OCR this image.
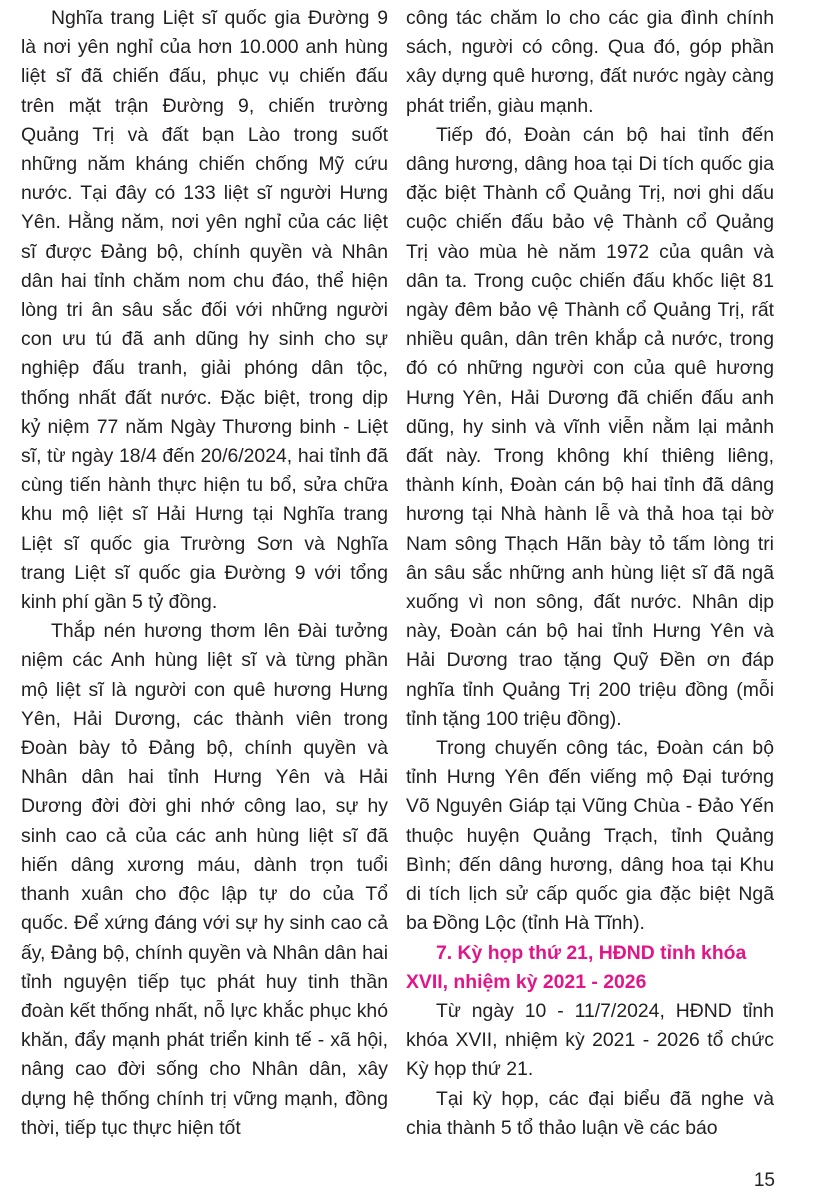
Nghĩa trang Liệt sĩ quốc gia Đường 9 là nơi yên nghỉ của hơn 10.000 anh hùng liệt sĩ đã chiến đấu, phục vụ chiến đấu trên mặt trận Đường 9, chiến trường Quảng Trị và đất bạn Lào trong suốt những năm kháng chiến chống Mỹ cứu nước. Tại đây có 133 liệt sĩ người Hưng Yên. Hằng năm, nơi yên nghỉ của các liệt sĩ được Đảng bộ, chính quyền và Nhân dân hai tỉnh chăm nom chu đáo, thể hiện lòng tri ân sâu sắc đối với những người con ưu tú đã anh dũng hy sinh cho sự nghiệp đấu tranh, giải phóng dân tộc, thống nhất đất nước. Đặc biệt, trong dịp kỷ niệm 77 năm Ngày Thương binh - Liệt sĩ, từ ngày 18/4 đến 20/6/2024, hai tỉnh đã cùng tiến hành thực hiện tu bổ, sửa chữa khu mộ liệt sĩ Hải Hưng tại Nghĩa trang Liệt sĩ quốc gia Trường Sơn và Nghĩa trang Liệt sĩ quốc gia Đường 9 với tổng kinh phí gần 5 tỷ đồng.

Thắp nén hương thơm lên Đài tưởng niệm các Anh hùng liệt sĩ và từng phần mộ liệt sĩ là người con quê hương Hưng Yên, Hải Dương, các thành viên trong Đoàn bày tỏ Đảng bộ, chính quyền và Nhân dân hai tỉnh Hưng Yên và Hải Dương đời đời ghi nhớ công lao, sự hy sinh cao cả của các anh hùng liệt sĩ đã hiến dâng xương máu, dành trọn tuổi thanh xuân cho độc lập tự do của Tổ quốc. Để xứng đáng với sự hy sinh cao cả ấy, Đảng bộ, chính quyền và Nhân dân hai tỉnh nguyện tiếp tục phát huy tinh thần đoàn kết thống nhất, nỗ lực khắc phục khó khăn, đẩy mạnh phát triển kinh tế - xã hội, nâng cao đời sống cho Nhân dân, xây dựng hệ thống chính trị vững mạnh, đồng thời, tiếp tục thực hiện tốt

công tác chăm lo cho các gia đình chính sách, người có công. Qua đó, góp phần xây dựng quê hương, đất nước ngày càng phát triển, giàu mạnh.

Tiếp đó, Đoàn cán bộ hai tỉnh đến dâng hương, dâng hoa tại Di tích quốc gia đặc biệt Thành cổ Quảng Trị, nơi ghi dấu cuộc chiến đấu bảo vệ Thành cổ Quảng Trị vào mùa hè năm 1972 của quân và dân ta. Trong cuộc chiến đấu khốc liệt 81 ngày đêm bảo vệ Thành cổ Quảng Trị, rất nhiều quân, dân trên khắp cả nước, trong đó có những người con của quê hương Hưng Yên, Hải Dương đã chiến đấu anh dũng, hy sinh và vĩnh viễn nằm lại mảnh đất này. Trong không khí thiêng liêng, thành kính, Đoàn cán bộ hai tỉnh đã dâng hương tại Nhà hành lễ và thả hoa tại bờ Nam sông Thạch Hãn bày tỏ tấm lòng tri ân sâu sắc những anh hùng liệt sĩ đã ngã xuống vì non sông, đất nước. Nhân dịp này, Đoàn cán bộ hai tỉnh Hưng Yên và Hải Dương trao tặng Quỹ Đền ơn đáp nghĩa tỉnh Quảng Trị 200 triệu đồng (mỗi tỉnh tặng 100 triệu đồng).

Trong chuyến công tác, Đoàn cán bộ tỉnh Hưng Yên đến viếng mộ Đại tướng Võ Nguyên Giáp tại Vũng Chùa - Đảo Yến thuộc huyện Quảng Trạch, tỉnh Quảng Bình; đến dâng hương, dâng hoa tại Khu di tích lịch sử cấp quốc gia đặc biệt Ngã ba Đồng Lộc (tỉnh Hà Tĩnh).

7. Kỳ họp thứ 21, HĐND tỉnh khóa XVII, nhiệm kỳ 2021 - 2026

Từ ngày 10 - 11/7/2024, HĐND tỉnh khóa XVII, nhiệm kỳ 2021 - 2026 tổ chức Kỳ họp thứ 21.

Tại kỳ họp, các đại biểu đã nghe và chia thành 5 tổ thảo luận về các báo

15
